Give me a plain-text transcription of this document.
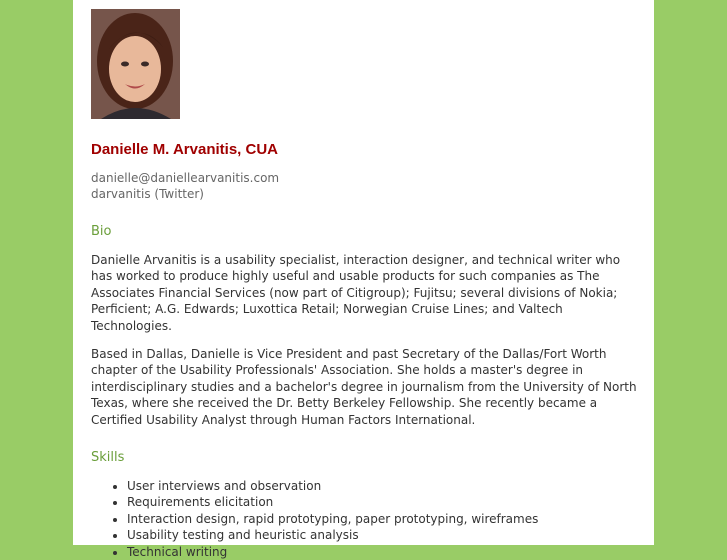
Danielle M. Arvanitis, CUA
danielle@daniellearvanitis.com
darvanitis (Twitter)
Bio

Danielle Arvanitis is a usability specialist, interaction designer, and technical writer who has worked to produce highly useful and usable products for such companies as The Associates Financial Services (now part of Citigroup); Fujitsu; several divisions of Nokia; Perficient; A.G. Edwards; Luxottica Retail; Norwegian Cruise Lines; and Valtech Technologies.

Based in Dallas, Danielle is Vice President and past Secretary of the Dallas/Fort Worth chapter of the Usability Professionals' Association. She holds a master's degree in interdisciplinary studies and a bachelor's degree in journalism from the University of North Texas, where she received the Dr. Betty Berkeley Fellowship. She recently became a Certified Usability Analyst through Human Factors International.

Skills
• User interviews and observation
• Requirements elicitation
• Interaction design, rapid prototyping, paper prototyping, wireframes
• Usability testing and heuristic analysis
• Technical writing
